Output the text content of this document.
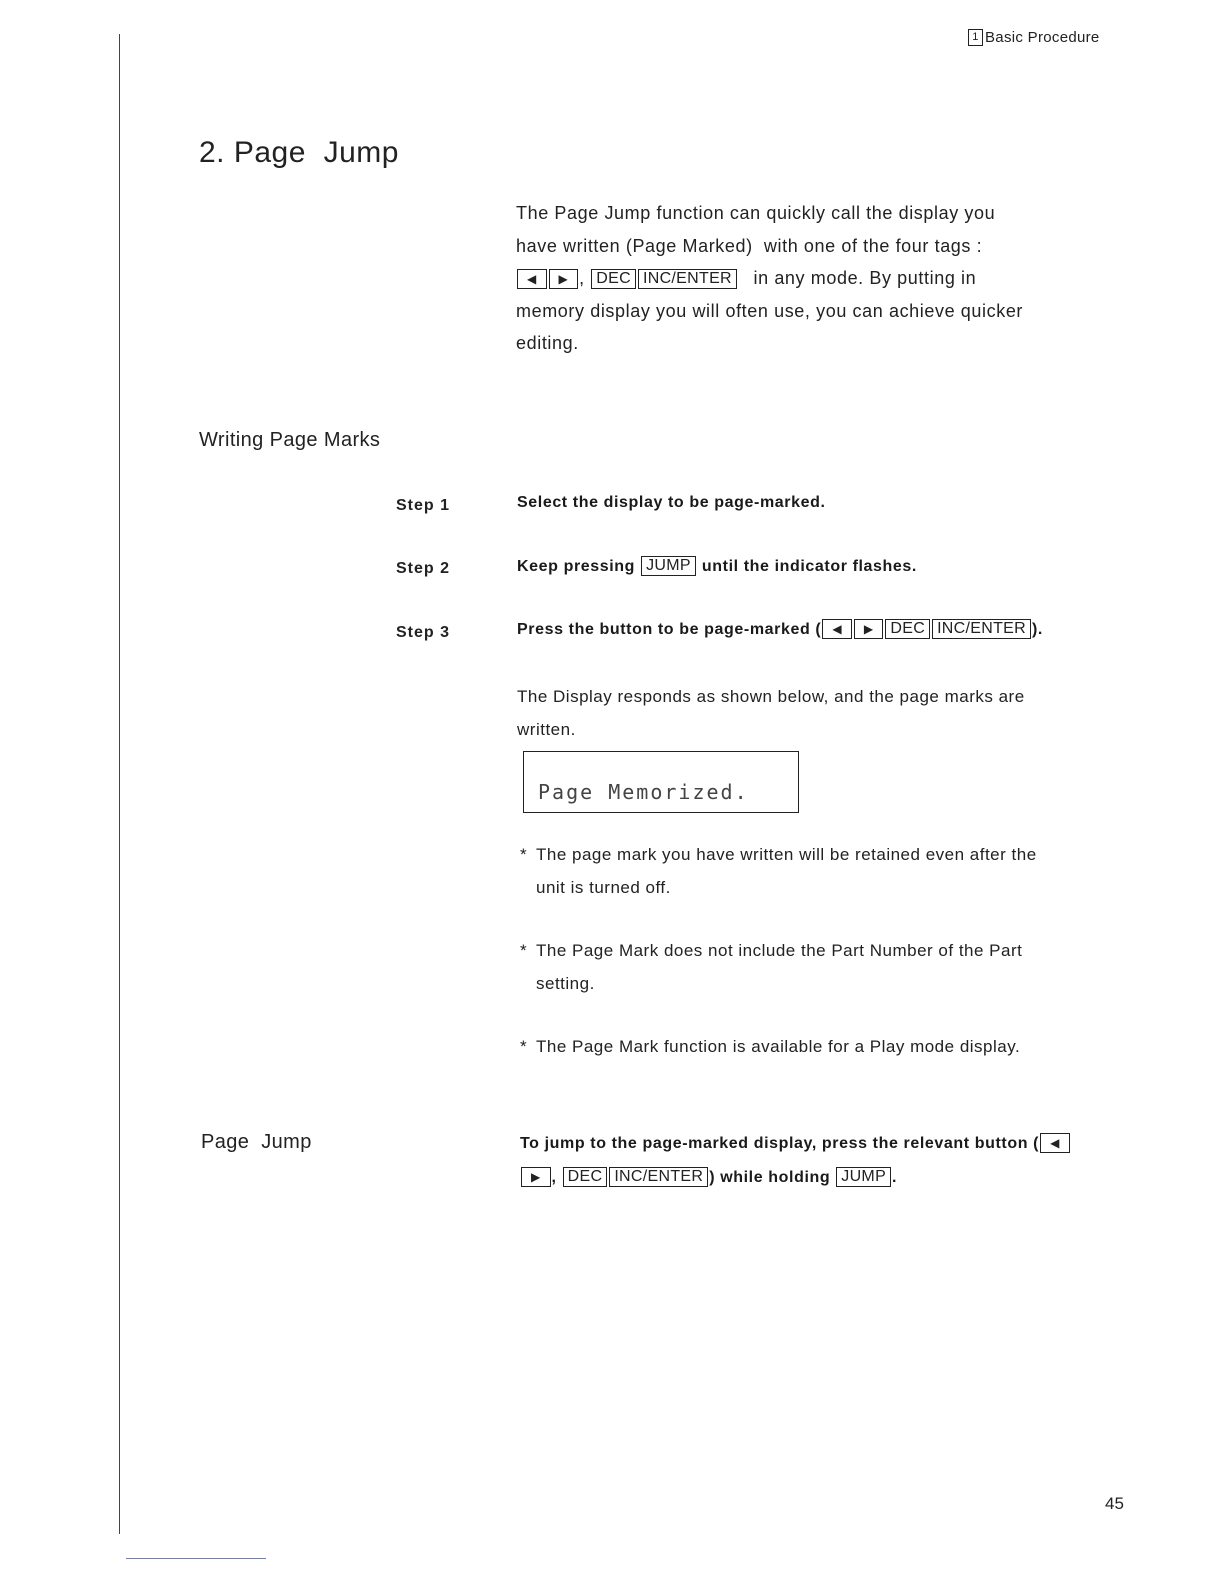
1 Basic Procedure
2. Page  Jump
The Page Jump function can quickly call the display you
have written (Page Marked)  with one of the four tags :
◀ ▶ , DEC INC/ENTER in any mode. By putting in
memory display you will often use, you can achieve quicker
editing.
Writing Page Marks
Step 1	Select the display to be page-marked.
Step 2	Keep pressing JUMP until the indicator flashes.
Step 3	Press the button to be page-marked ( ◀ ▶ DEC INC/ENTER ).
The Display responds as shown below, and the page marks are
written.
Page Memorized.
* The page mark you have written will be retained even after the
unit is turned off.
* The Page Mark does not include the Part Number of the Part
setting.
* The Page Mark function is available for a Play mode display.
Page  Jump	To jump to the page-marked display, press the relevant button ( ◀
▶ , DEC INC/ENTER ) while holding JUMP .
45
